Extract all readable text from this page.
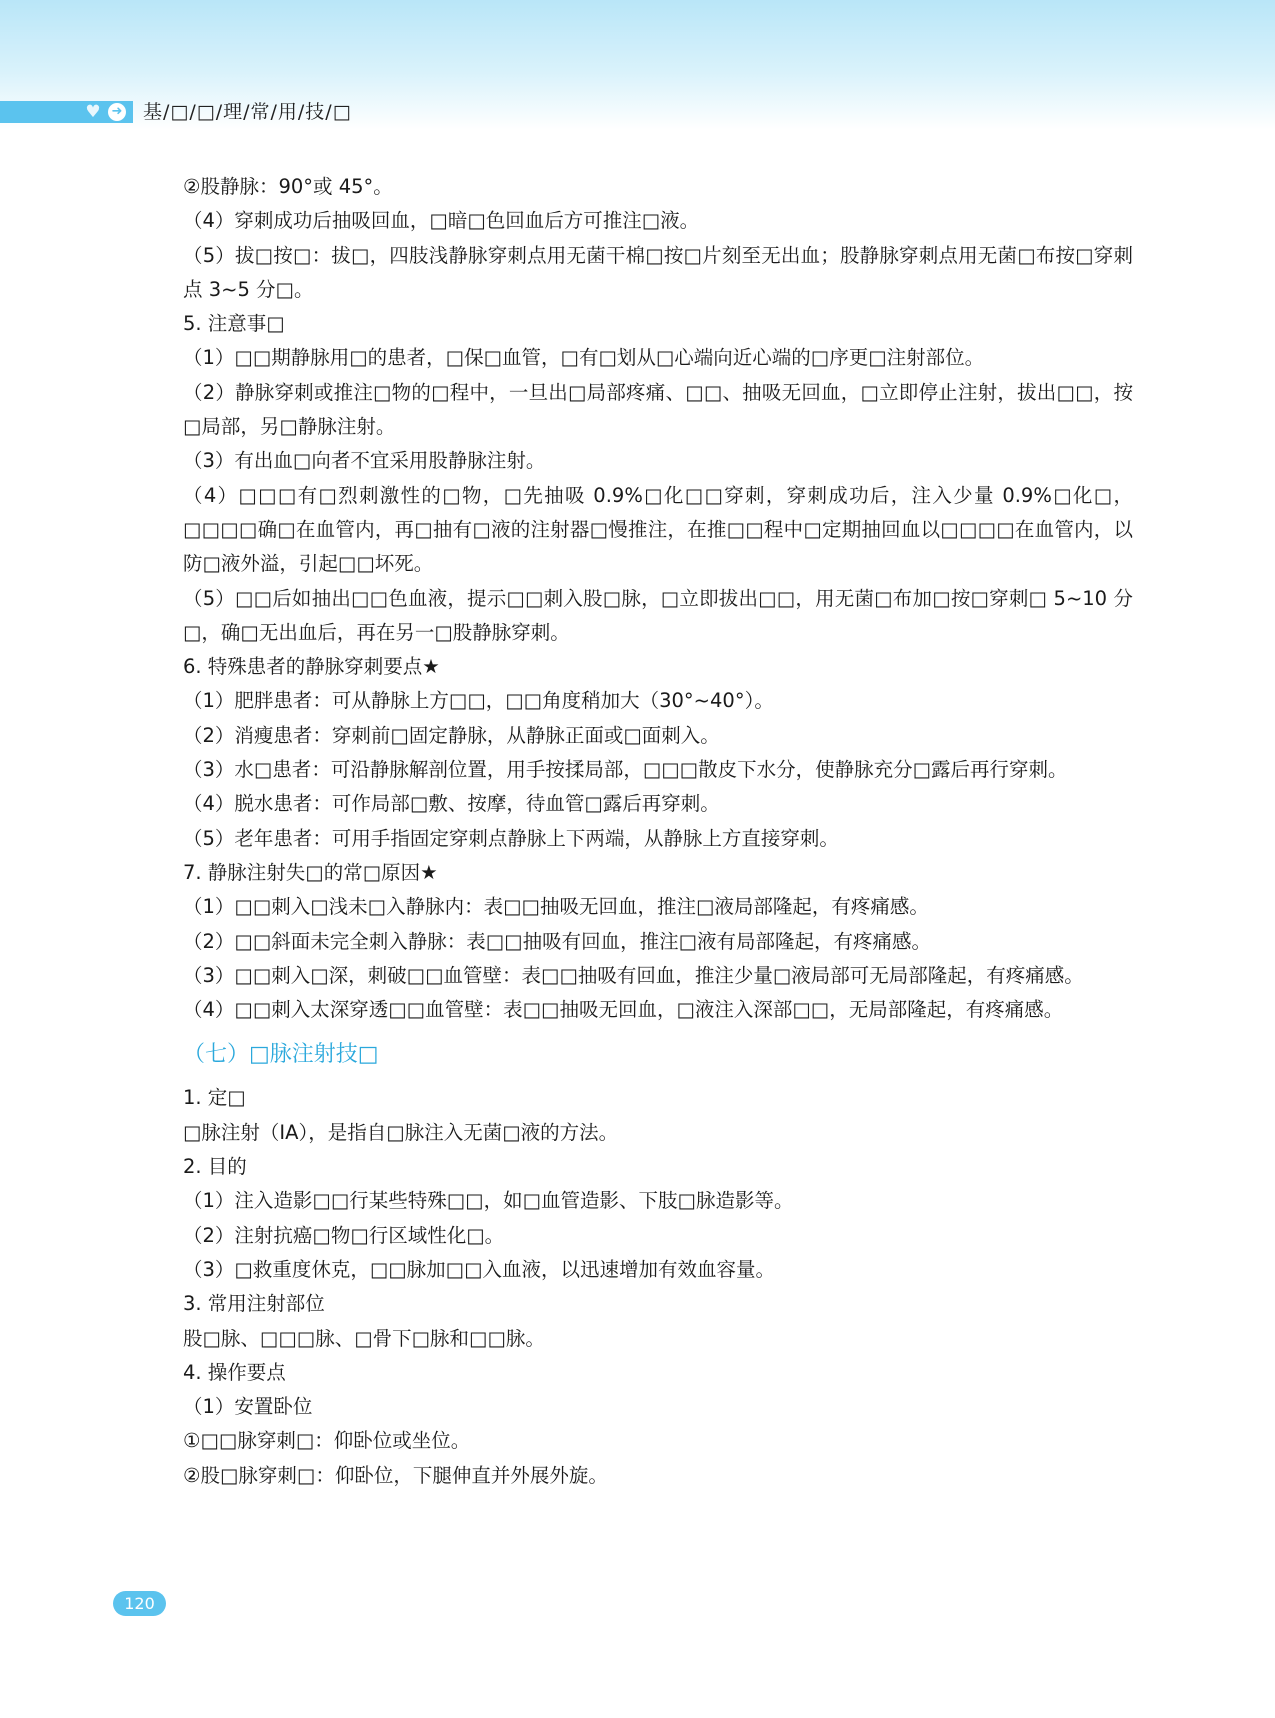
♥ ➜ 基/□/□/理/常/用/技/□

②股静脉：90°或 45°。

（4）穿刺成功后抽吸回血，□暗□色回血后方可推注□液。

（5）拔□按□：拔□，四肢浅静脉穿刺点用无菌干棉□按□片刻至无出血；股静脉穿刺点用无菌□布按□穿刺点 3~5 分□。

5. 注意事□

（1）□□期静脉用□的患者，□保□血管，□有□划从□心端向近心端的□序更□注射部位。

（2）静脉穿刺或推注□物的□程中，一旦出□局部疼痛、□□、抽吸无回血，□立即停止注射，拔出□□，按□局部，另□静脉注射。

（3）有出血□向者不宜采用股静脉注射。

（4）□□□有□烈刺激性的□物，□先抽吸 0.9%□化□□穿刺，穿刺成功后，注入少量 0.9%□化□，□□□□确□在血管内，再□抽有□液的注射器□慢推注，在推□□程中□定期抽回血以□□□□在血管内，以防□液外溢，引起□□坏死。

（5）□□后如抽出□□色血液，提示□□刺入股□脉，□立即拔出□□，用无菌□布加□按□穿刺□ 5~10 分□，确□无出血后，再在另一□股静脉穿刺。

6. 特殊患者的静脉穿刺要点★

（1）肥胖患者：可从静脉上方□□，□□角度稍加大（30°~40°）。

（2）消瘦患者：穿刺前□固定静脉，从静脉正面或□面刺入。

（3）水□患者：可沿静脉解剖位置，用手按揉局部，□□□散皮下水分，使静脉充分□露后再行穿刺。

（4）脱水患者：可作局部□敷、按摩，待血管□露后再穿刺。

（5）老年患者：可用手指固定穿刺点静脉上下两端，从静脉上方直接穿刺。

7. 静脉注射失□的常□原因★

（1）□□刺入□浅未□入静脉内：表□□抽吸无回血，推注□液局部隆起，有疼痛感。

（2）□□斜面未完全刺入静脉：表□□抽吸有回血，推注□液有局部隆起，有疼痛感。

（3）□□刺入□深，刺破□□血管壁：表□□抽吸有回血，推注少量□液局部可无局部隆起，有疼痛感。

（4）□□刺入太深穿透□□血管壁：表□□抽吸无回血，□液注入深部□□，无局部隆起，有疼痛感。

（七）□脉注射技□

1. 定□

□脉注射（IA），是指自□脉注入无菌□液的方法。

2. 目的

（1）注入造影□□行某些特殊□□，如□血管造影、下肢□脉造影等。

（2）注射抗癌□物□行区域性化□。

（3）□救重度休克，□□脉加□□入血液，以迅速增加有效血容量。

3. 常用注射部位

股□脉、□□□脉、□骨下□脉和□□脉。

4. 操作要点

（1）安置卧位

①□□脉穿刺□：仰卧位或坐位。

②股□脉穿刺□：仰卧位，下腿伸直并外展外旋。

120
